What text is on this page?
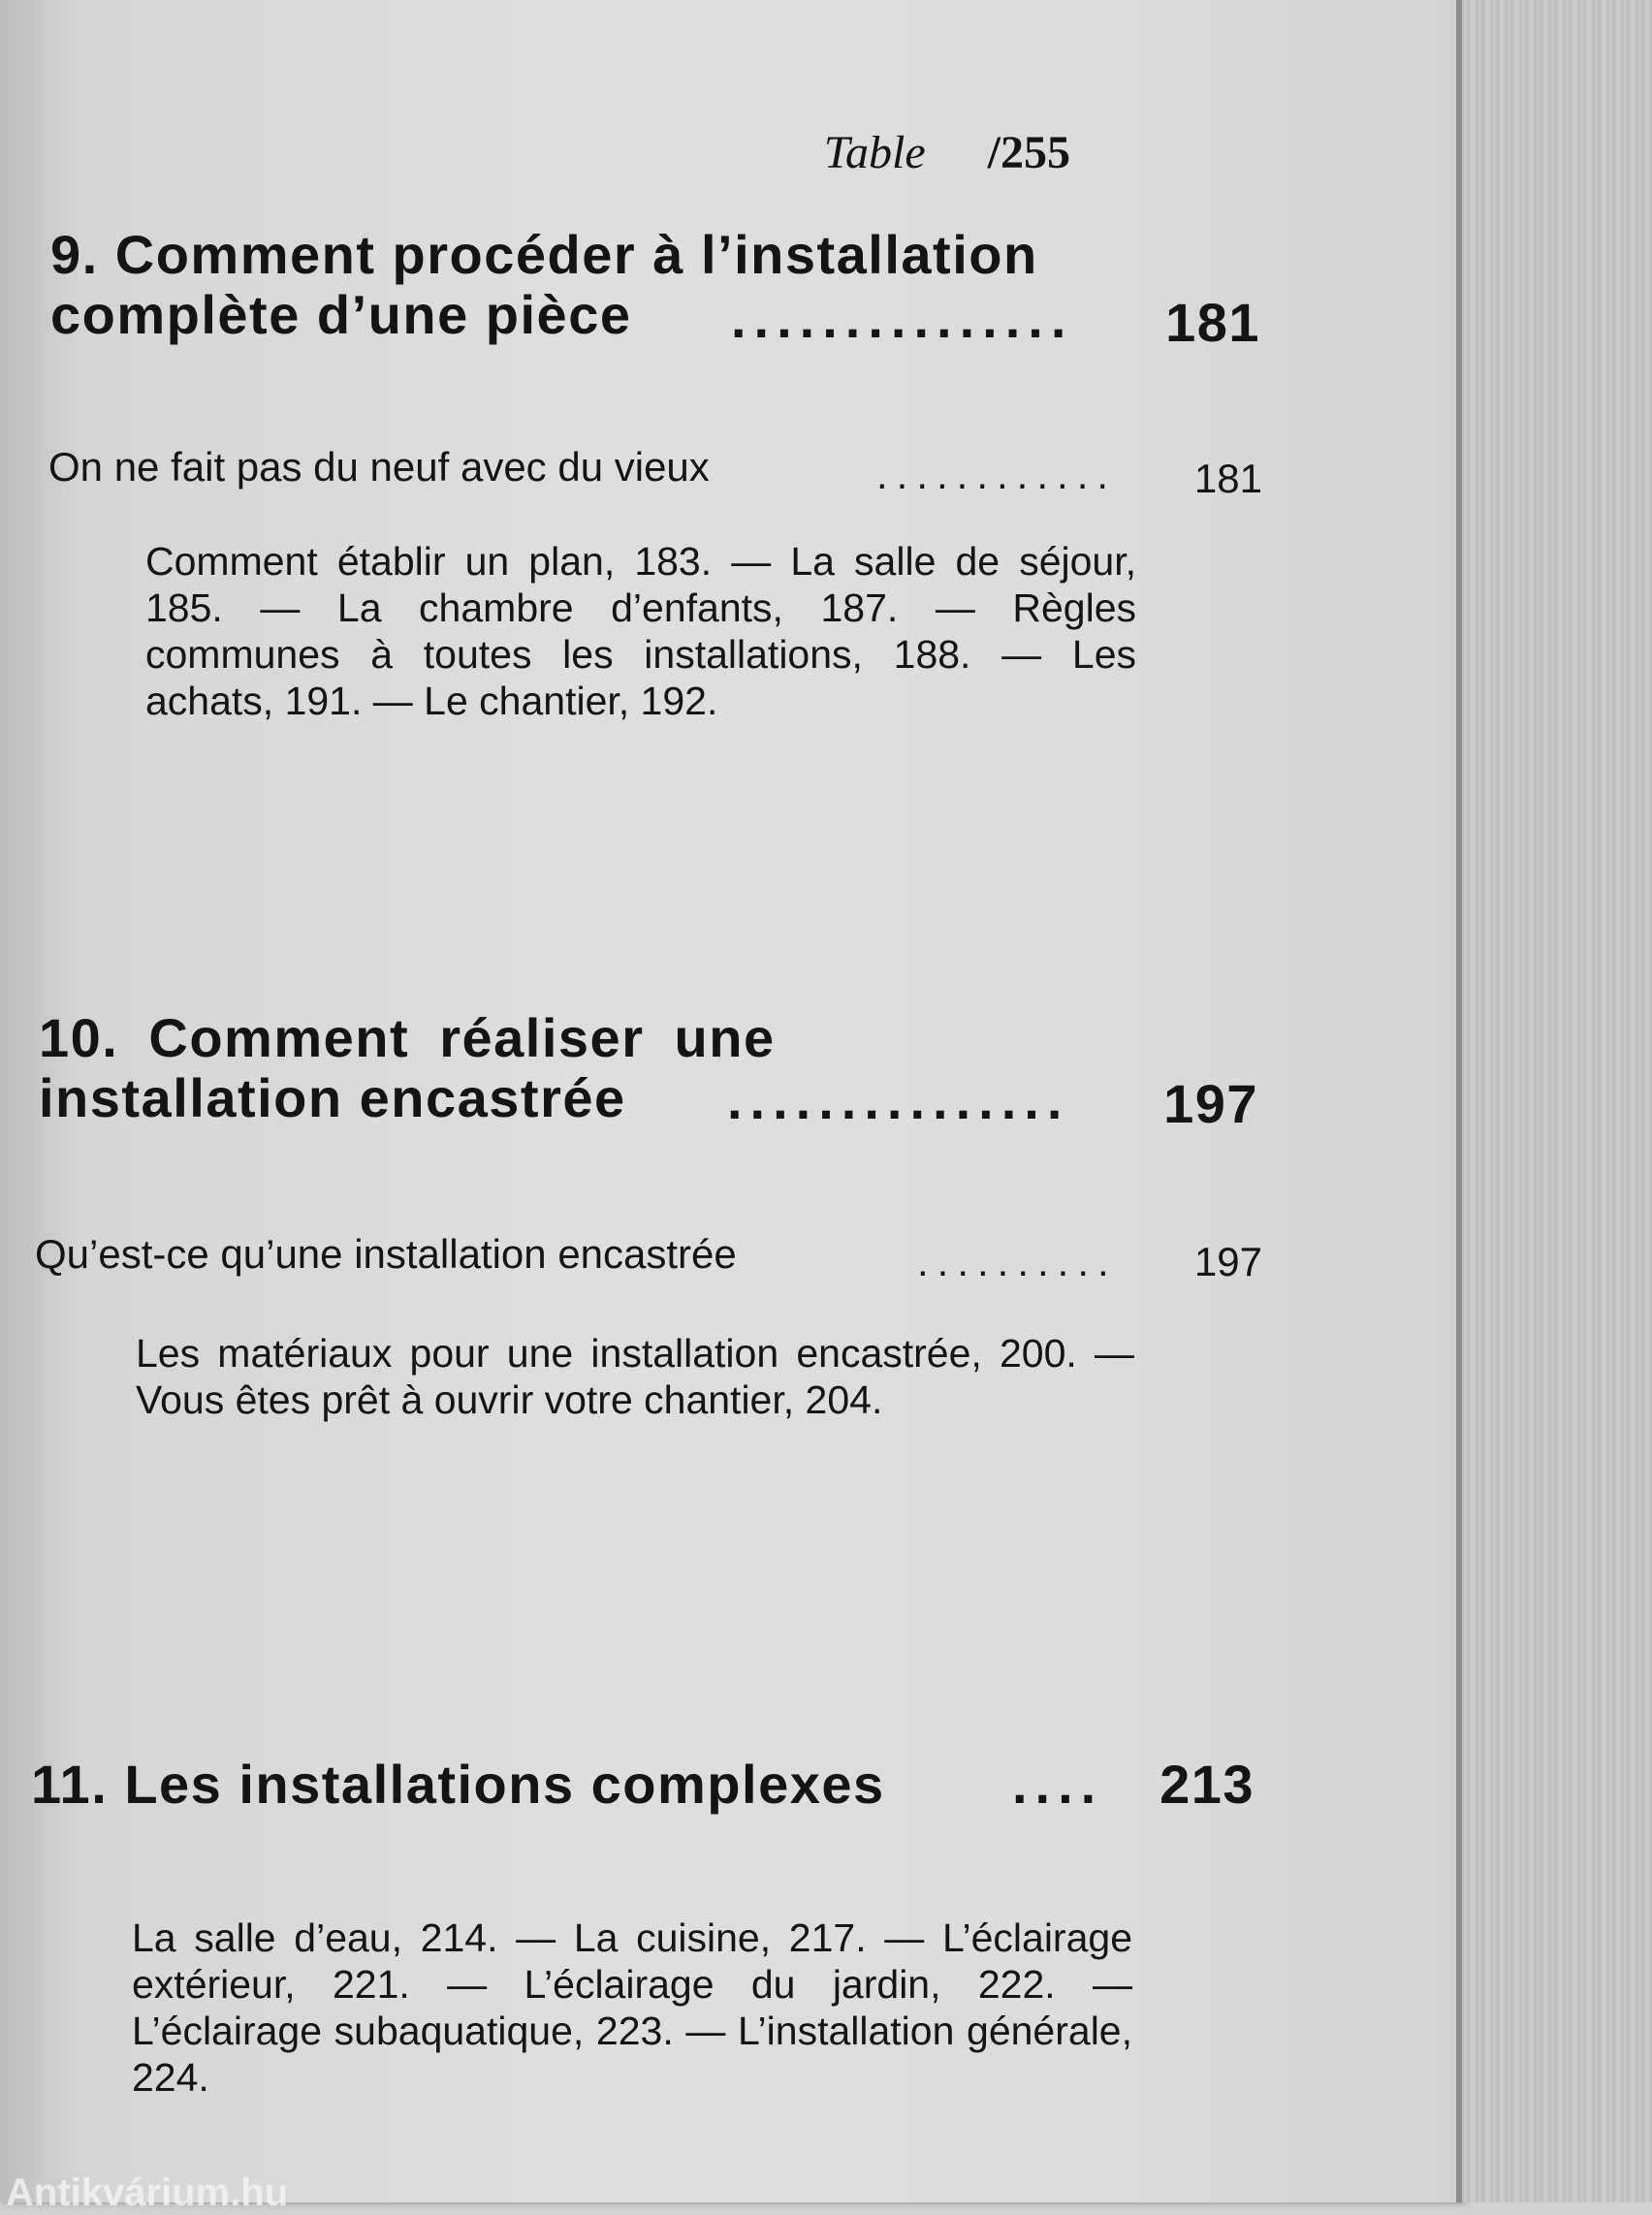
Table /255
9. Comment procéder à l’installation
complète d’une pièce ............... 181
On ne fait pas du neuf avec du vieux	............ 181
Comment établir un plan, 183. — La salle de séjour, 185. — La chambre d’enfants, 187. — Règles communes à toutes les installations, 188. — Les achats, 191. — Le chantier, 192.
10. Comment réaliser une
installation encastrée ............... 197
Qu’est-ce qu’une installation encastrée	.......... 197
Les matériaux pour une installation encastrée, 200. — Vous êtes prêt à ouvrir votre chantier, 204.
11. Les installations complexes .... 213
La salle d’eau, 214. — La cuisine, 217. — L’éclairage extérieur, 221. — L’éclairage du jardin, 222. — L’éclairage subaquatique, 223. — L’installation générale, 224.
Antikvárium.hu
